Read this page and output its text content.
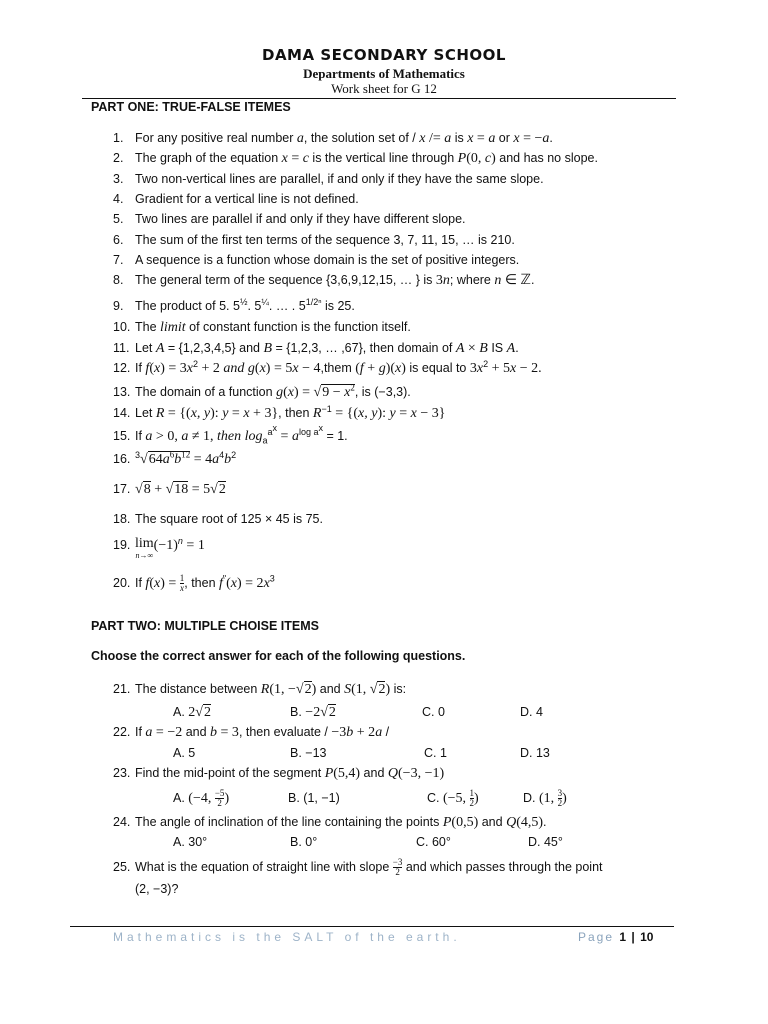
DAMA SECONDARY SCHOOL
Departments of Mathematics
Work sheet for G 12
PART ONE: TRUE-FALSE ITEMES
1. For any positive real number a, the solution set of / x /= a is x = a or x = −a.
2. The graph of the equation x = c is the vertical line through P(0, c) and has no slope.
3. Two non-vertical lines are parallel, if and only if they have the same slope.
4. Gradient for a vertical line is not defined.
5. Two lines are parallel if and only if they have different slope.
6. The sum of the first ten terms of the sequence 3, 7, 11, 15, … is 210.
7. A sequence is a function whose domain is the set of positive integers.
8. The general term of the sequence {3,6,9,12,15, … } is 3n; where n ∈ ℤ.
9. The product of 5. $5^{\frac{1}{2}}$. $5^{\frac{1}{4}}$. … . $5^{1/2^n}$ is 25.
10. The limit of constant function is the function itself.
11. Let A = {1,2,3,4,5} and B = {1,2,3, … ,67}, then domain of A × B IS A.
12. If $f(x) = 3x^2 + 2$ and g(x) = 5x − 4,them (f + g)(x) is equal to $3x^2 + 5x - 2$.
13. The domain of a function $g(x) = √9 - x^2$, is (−3,3).
14. Let R = {(x, y): y = x + 3}, then $R^{-1} = \{(x$, y): y = x − 3}
15. If a > 0, a ≠ 1, then $\log_a^{a^x} = a^{log a^x} = 1$.
16. $^3√64a^6b^{12} = 4a^4b^2$
17. √8 + √18 = 5√2
18. The square root of 125 × 45 is 75.
19. lim
$n\to\infty(-1)^n = 1$
20. If $f(x) = \frac{1}{x}$ , then $f^"(x) = 2x^3$
PART TWO: MULTIPLE CHOISE ITEMS
Choose the correct answer for each of the following questions.
21. The distance between R(1, −√2) and S(1, √2) is:
A. 2√2	B. −2√2	C. 0	D. 4
22. If a = −2 and b = 3, then evaluate / −3b + 2a /
A. 5	B. −13	C. 1	D. 13
23. Find the mid-point of the segment P(5,4) and Q(−3, −1)
A. (−4, $\frac{-5}{2}$ )	B. (1, −1)	C. (−5, $\frac{1}{2}$ )	D. (1, $\frac{3}{2}$ )
24. The angle of inclination of the line containing the points P(0,5) and Q(4,5).
A. 30°	B. 0°	C. 60°	D. 45°
25. What is the equation of straight line with slope $\frac{-3}{2}$ and which passes through the point
(2, −3)?
Mathematics is the SALT of the earth.	Page 1 | 10
